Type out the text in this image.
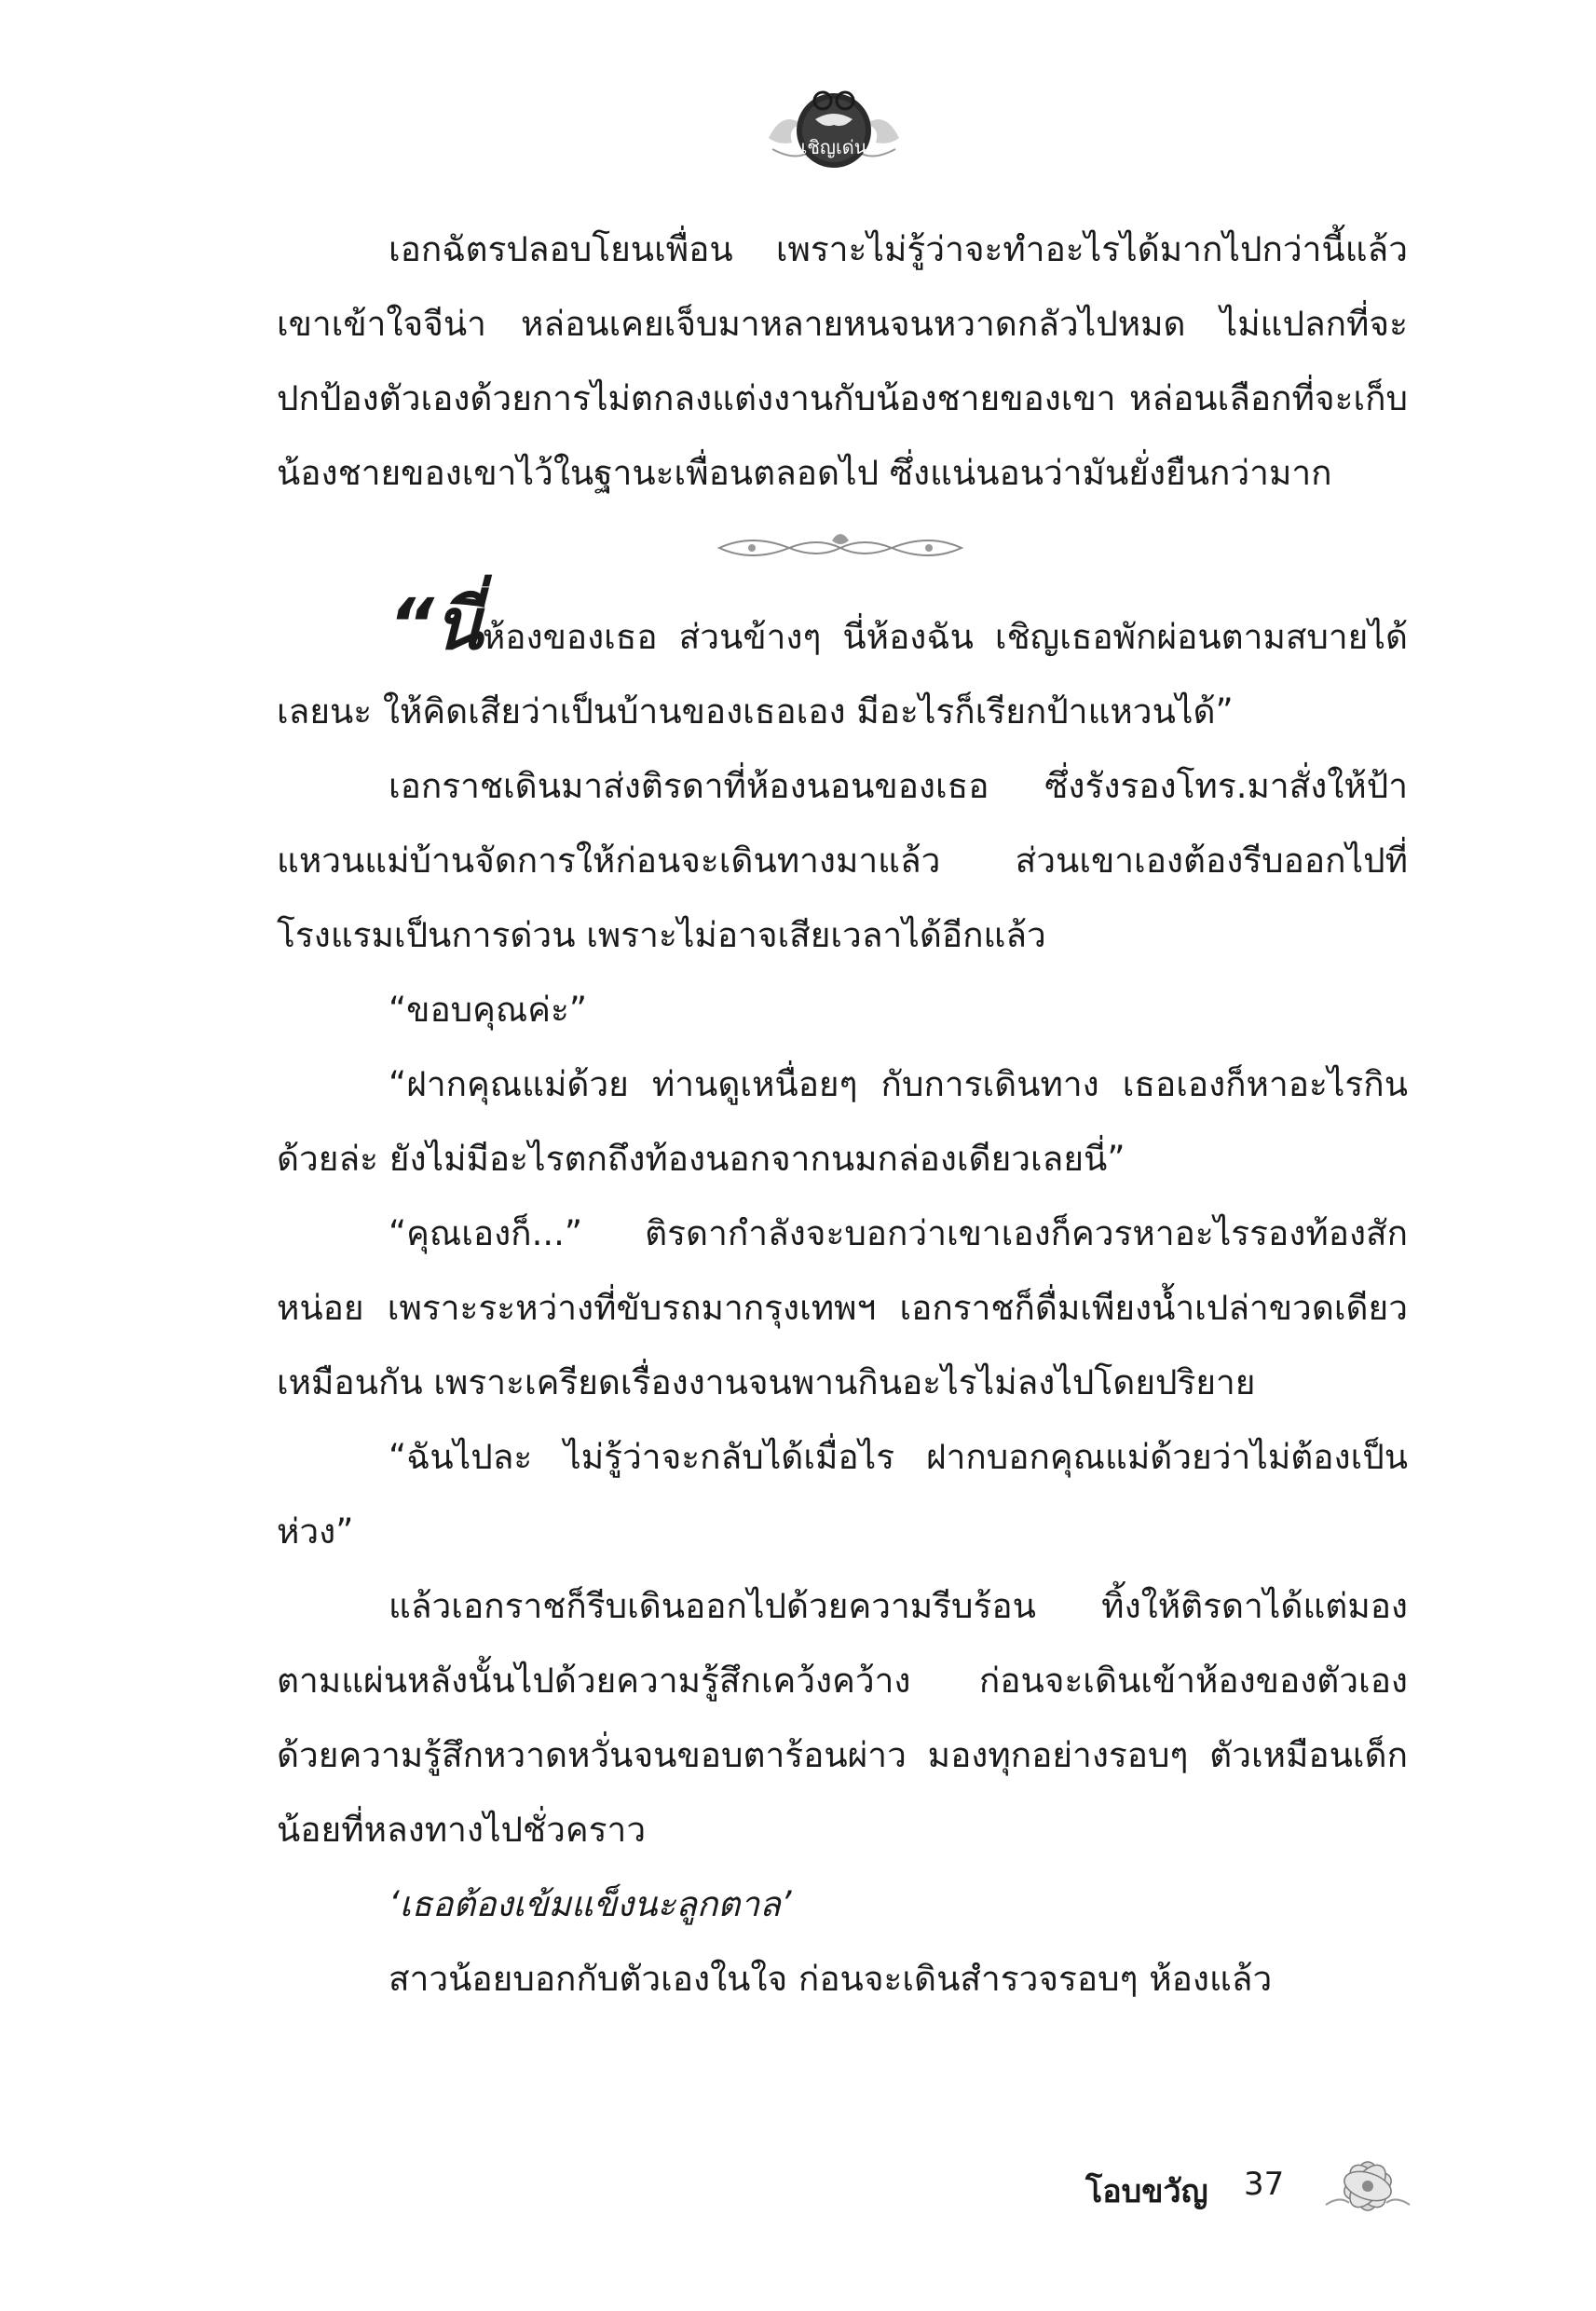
เชิญเด่น

เอกฉัตรปลอบโยนเพื่อน เพราะไม่รู้ว่าจะทำอะไรได้มากไปกว่านี้แล้ว เขาเข้าใจจีน่า หล่อนเคยเจ็บมาหลายหนจนหวาดกลัวไปหมด ไม่แปลกที่จะปกป้องตัวเองด้วยการไม่ตกลงแต่งงานกับน้องชายของเขา หล่อนเลือกที่จะเก็บน้องชายของเขาไว้ในฐานะเพื่อนตลอดไป ซึ่งแน่นอนว่ามันยั่งยืนกว่ามาก

“นี่ห้องของเธอ ส่วนข้างๆ นี่ห้องฉัน เชิญเธอพักผ่อนตามสบายได้เลยนะ ให้คิดเสียว่าเป็นบ้านของเธอเอง มีอะไรก็เรียกป้าแหวนได้”

เอกราชเดินมาส่งติรดาที่ห้องนอนของเธอ ซึ่งรังรองโทร.มาสั่งให้ป้าแหวนแม่บ้านจัดการให้ก่อนจะเดินทางมาแล้ว ส่วนเขาเองต้องรีบออกไปที่โรงแรมเป็นการด่วน เพราะไม่อาจเสียเวลาได้อีกแล้ว

“ขอบคุณค่ะ”

“ฝากคุณแม่ด้วย ท่านดูเหนื่อยๆ กับการเดินทาง เธอเองก็หาอะไรกินด้วยล่ะ ยังไม่มีอะไรตกถึงท้องนอกจากนมกล่องเดียวเลยนี่”

“คุณเองก็...” ติรดากำลังจะบอกว่าเขาเองก็ควรหาอะไรรองท้องสักหน่อย เพราะระหว่างที่ขับรถมากรุงเทพฯ เอกราชก็ดื่มเพียงน้ำเปล่าขวดเดียวเหมือนกัน เพราะเครียดเรื่องงานจนพานกินอะไรไม่ลงไปโดยปริยาย

“ฉันไปละ ไม่รู้ว่าจะกลับได้เมื่อไร ฝากบอกคุณแม่ด้วยว่าไม่ต้องเป็นห่วง”

แล้วเอกราชก็รีบเดินออกไปด้วยความรีบร้อน ทิ้งให้ติรดาได้แต่มองตามแผ่นหลังนั้นไปด้วยความรู้สึกเคว้งคว้าง ก่อนจะเดินเข้าห้องของตัวเองด้วยความรู้สึกหวาดหวั่นจนขอบตาร้อนผ่าว มองทุกอย่างรอบๆ ตัวเหมือนเด็กน้อยที่หลงทางไปชั่วคราว

‘เธอต้องเข้มแข็งนะลูกตาล’

สาวน้อยบอกกับตัวเองในใจ ก่อนจะเดินสำรวจรอบๆ ห้องแล้ว

โอบขวัญ 37
